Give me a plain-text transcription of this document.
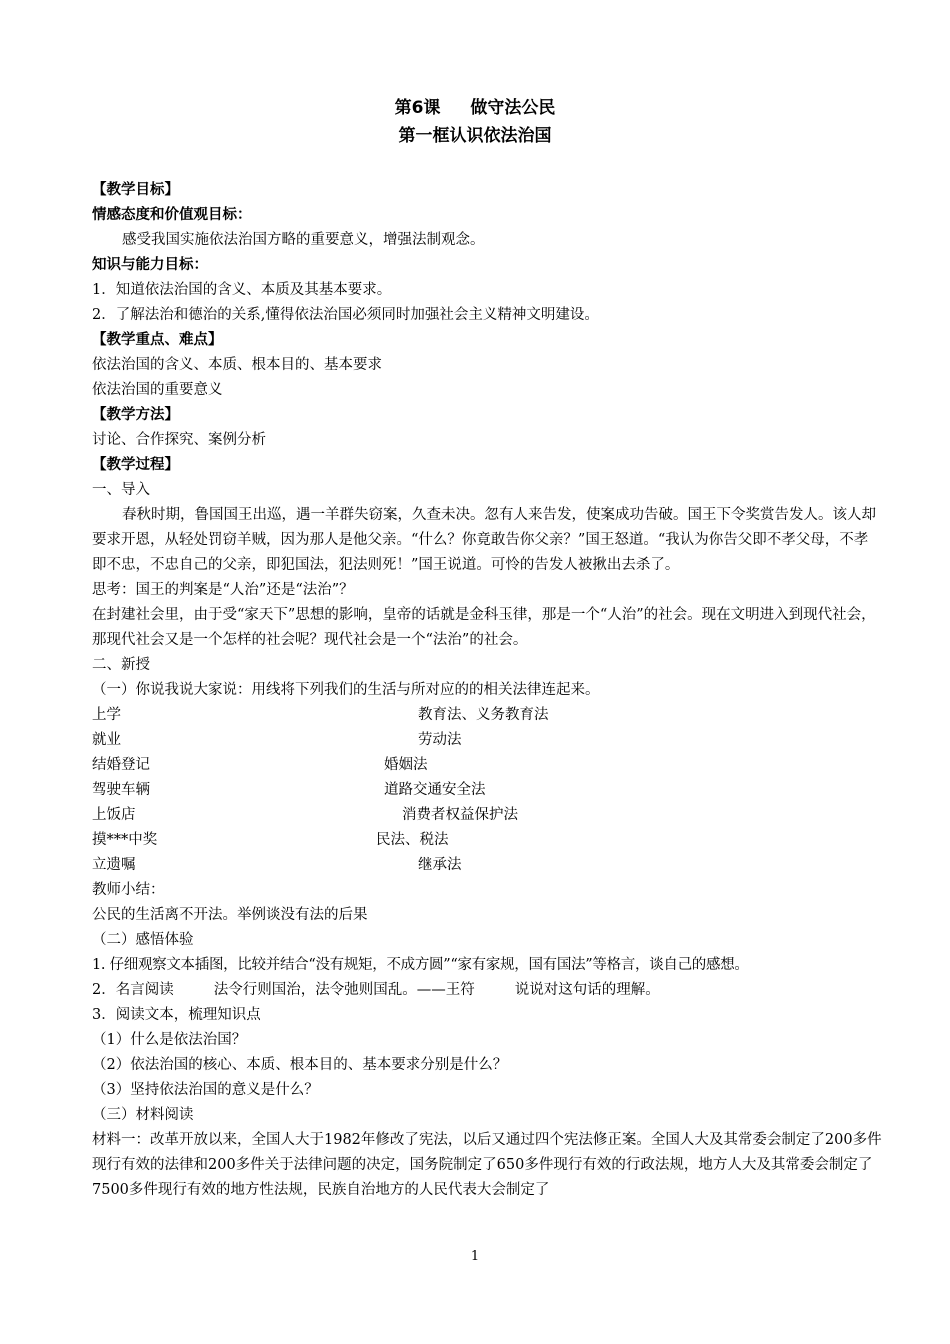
第6课 做守法公民
第一框认识依法治国
【教学目标】
情感态度和价值观目标：
感受我国实施依法治国方略的重要意义，增强法制观念。
知识与能力目标：
1．知道依法治国的含义、本质及其基本要求。
2．了解法治和德治的关系,懂得依法治国必须同时加强社会主义精神文明建设。
【教学重点、难点】
依法治国的含义、本质、根本目的、基本要求
依法治国的重要意义
【教学方法】
讨论、合作探究、案例分析
【教学过程】
一、导入
春秋时期，鲁国国王出巡，遇一羊群失窃案，久查未决。忽有人来告发，使案成功告破。国王下令奖赏告发人。该人却要求开恩，从轻处罚窃羊贼，因为那人是他父亲。“什么？你竟敢告你父亲？”国王怒道。“我认为你告父即不孝父母，不孝即不忠，不忠自己的父亲，即犯国法，犯法则死！”国王说道。可怜的告发人被揪出去杀了。
思考：国王的判案是“人治”还是“法治”？
在封建社会里，由于受“家天下”思想的影响，皇帝的话就是金科玉律，那是一个“人治”的社会。现在文明进入到现代社会，那现代社会又是一个怎样的社会呢？现代社会是一个“法治”的社会。
二、新授
（一）你说我说大家说：用线将下列我们的生活与所对应的的相关法律连起来。
上学	教育法、义务教育法
就业	劳动法
结婚登记	婚姻法
驾驶车辆	道路交通安全法
上饭店	消费者权益保护法
摸***中奖	民法、税法
立遗嘱	继承法
教师小结：
公民的生活离不开法。举例谈没有法的后果
（二）感悟体验
1. 仔细观察文本插图，比较并结合“没有规矩，不成方圆”“家有家规，国有国法”等格言，谈自己的感想。
2．名言阅读	法令行则国治，法令弛则国乱。——王符	说说对这句话的理解。
3．阅读文本，梳理知识点
（1）什么是依法治国？
（2）依法治国的核心、本质、根本目的、基本要求分别是什么？
（3）坚持依法治国的意义是什么？
（三）材料阅读
材料一：改革开放以来，全国人大于1982年修改了宪法，以后又通过四个宪法修正案。全国人大及其常委会制定了200多件现行有效的法律和200多件关于法律问题的决定，国务院制定了650多件现行有效的行政法规，地方人大及其常委会制定了7500多件现行有效的地方性法规，民族自治地方的人民代表大会制定了
1
